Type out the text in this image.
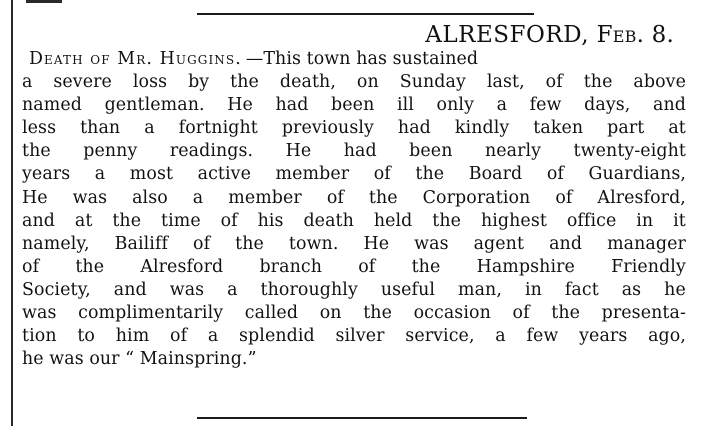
ALRESFORD, Feb. 8.
Death of Mr. Huggins. —This town has sustained
a severe loss by the death, on Sunday last, of the above
named gentleman. He had been ill only a few days, and
less than a fortnight previously had kindly taken part at
the penny readings. He had been nearly twenty-eight
years a most active member of the Board of Guardians,
He was also a member of the Corporation of Alresford,
and at the time of his death held the highest office in it
namely, Bailiff of the town. He was agent and manager
of the Alresford branch of the Hampshire Friendly
Society, and was a thoroughly useful man, in fact as he
was complimentarily called on the occasion of the presenta-
tion to him of a splendid silver service, a few years ago,
he was our “ Mainspring.”
